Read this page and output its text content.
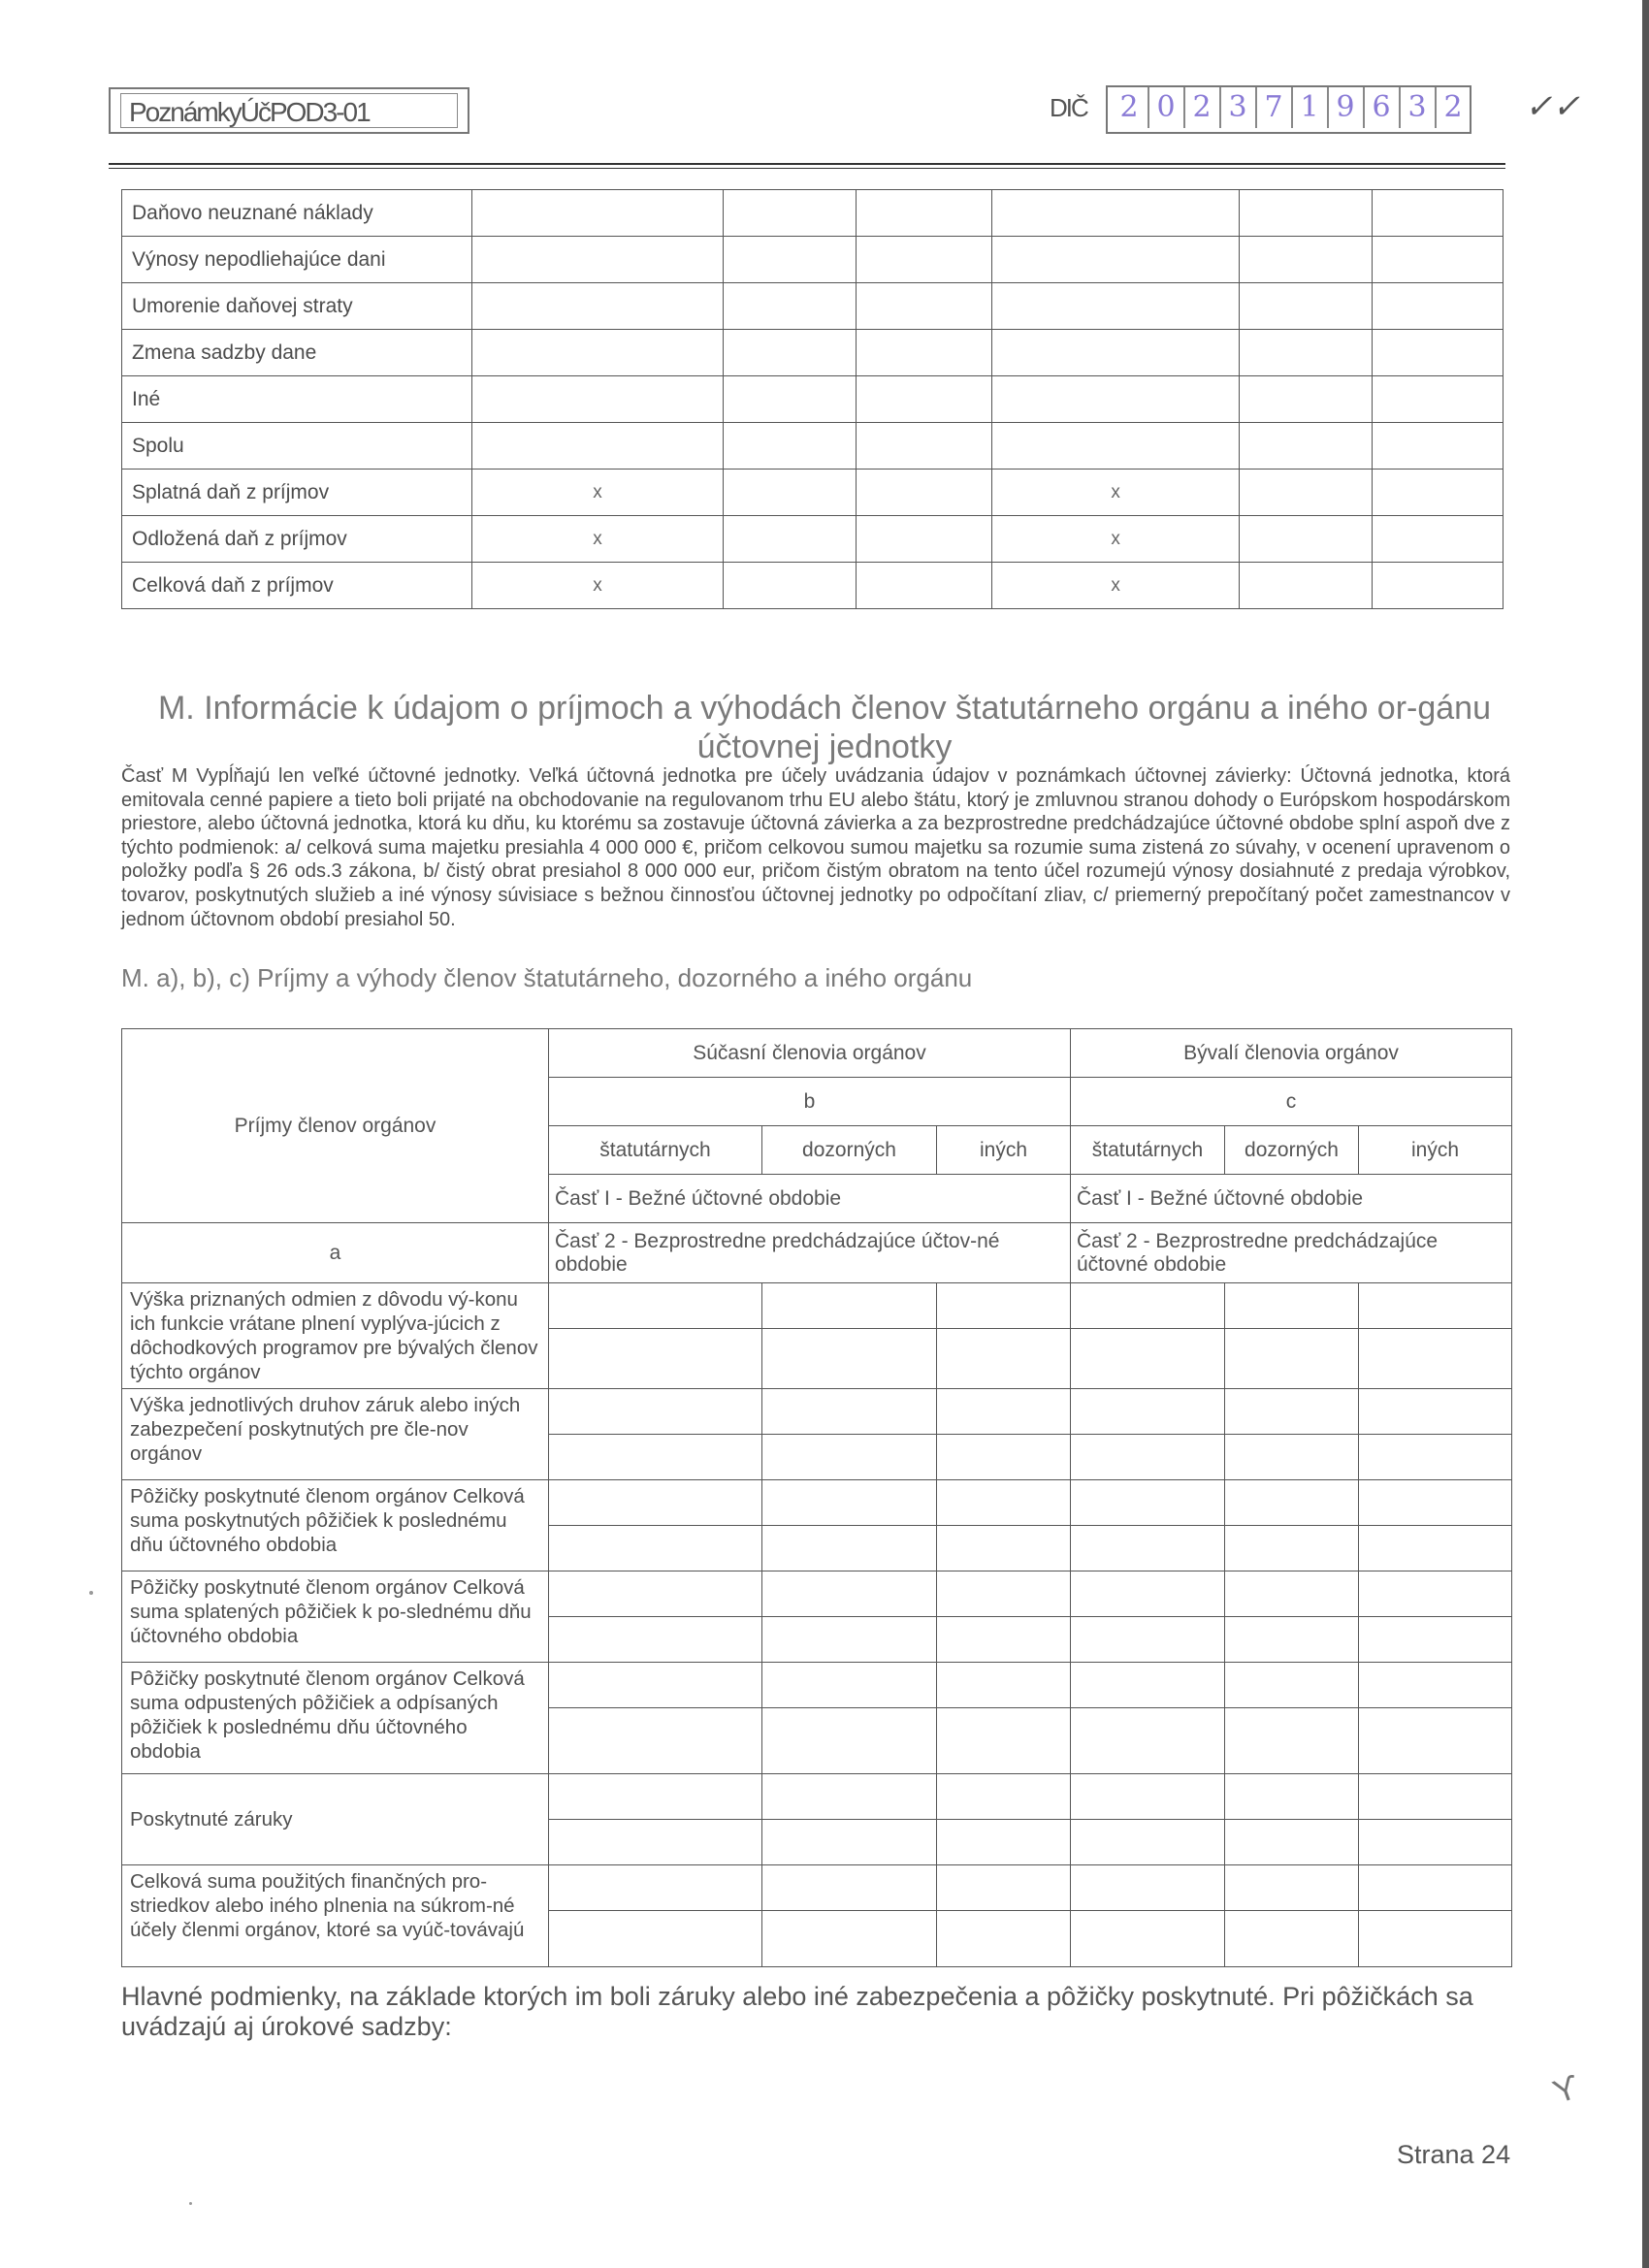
PoznámkyÚčPOD3-01	DIČ 2 0 2 3 7 1 9 6 3 2 ✓✓
Daňovo neuznané náklady						
Výnosy nepodliehajúce dani						
Umorenie daňovej straty						
Zmena sadzby dane						
Iné						
Spolu						
Splatná daň z príjmov	x			x		
Odložená daň z príjmov	x			x		
Celková daň z príjmov	x			x		
M. Informácie k údajom o príjmoch a výhodách členov štatutárneho orgánu a iného or-gánu účtovnej jednotky
Časť M Vypĺňajú len veľké účtovné jednotky. Veľká účtovná jednotka pre účely uvádzania údajov v poznámkach účtovnej závierky: Účtovná jednotka, ktorá emitovala cenné papiere a tieto boli prijaté na obchodovanie na regulovanom trhu EU alebo štátu, ktorý je zmluvnou stranou dohody o Európskom hospodárskom priestore, alebo účtovná jednotka, ktorá ku dňu, ku ktorému sa zostavuje účtovná závierka a za bezprostredne predchádzajúce účtovné obdobe splní aspoň dve z týchto podmienok: a/ celková suma majetku presiahla 4 000 000 €, pričom celkovou sumou majetku sa rozumie suma zistená zo súvahy, v ocenení upravenom o položky podľa § 26 ods.3 zákona, b/ čistý obrat presiahol 8 000 000 eur, pričom čistým obratom na tento účel rozumejú výnosy dosiahnuté z predaja výrobkov, tovarov, poskytnutých služieb a iné výnosy súvisiace s bežnou činnosťou účtovnej jednotky po odpočítaní zliav, c/ priemerný prepočítaný počet zamestnancov v jednom účtovnom období presiahol 50.
M. a), b), c) Príjmy a výhody členov štatutárneho, dozorného a iného orgánu
Príjmy členov orgánov	Súčasní členovia orgánov			Bývalí členovia orgánov		
	b			c		
	štatutárnych	dozorných	iných	štatutárnych	dozorných	iných
	Časť I - Bežné účtovné obdobie			Časť I - Bežné účtovné obdobie		
a	Časť 2 - Bezprostredne predchádzajúce účtov-né obdobie			Časť 2 - Bezprostredne predchádzajúce účtovné obdobie		
Výška priznaných odmien z dôvodu vý-konu ich funkcie vrátane plnení vyplýva-júcich z dôchodkových programov pre bývalých členov týchto orgánov						

Výška jednotlivých druhov záruk alebo iných zabezpečení poskytnutých pre čle-nov orgánov						

Pôžičky poskytnuté členom orgánov Celková suma poskytnutých pôžičiek k poslednému dňu účtovného obdobia						

Pôžičky poskytnuté členom orgánov Celková suma splatených pôžičiek k po-slednému dňu účtovného obdobia						

Pôžičky poskytnuté členom orgánov Celková suma odpustených pôžičiek a odpísaných pôžičiek k poslednému dňu účtovného obdobia						

Poskytnuté záruky						

Celková suma použitých finančných pro-striedkov alebo iného plnenia na súkrom-né účely členmi orgánov, ktoré sa vyúč-továvajú						

Hlavné podmienky, na základe ktorých im boli záruky alebo iné zabezpečenia a pôžičky poskytnuté. Pri pôžičkách sa uvádzajú aj úrokové sadzby:
ϒ
Strana 24
